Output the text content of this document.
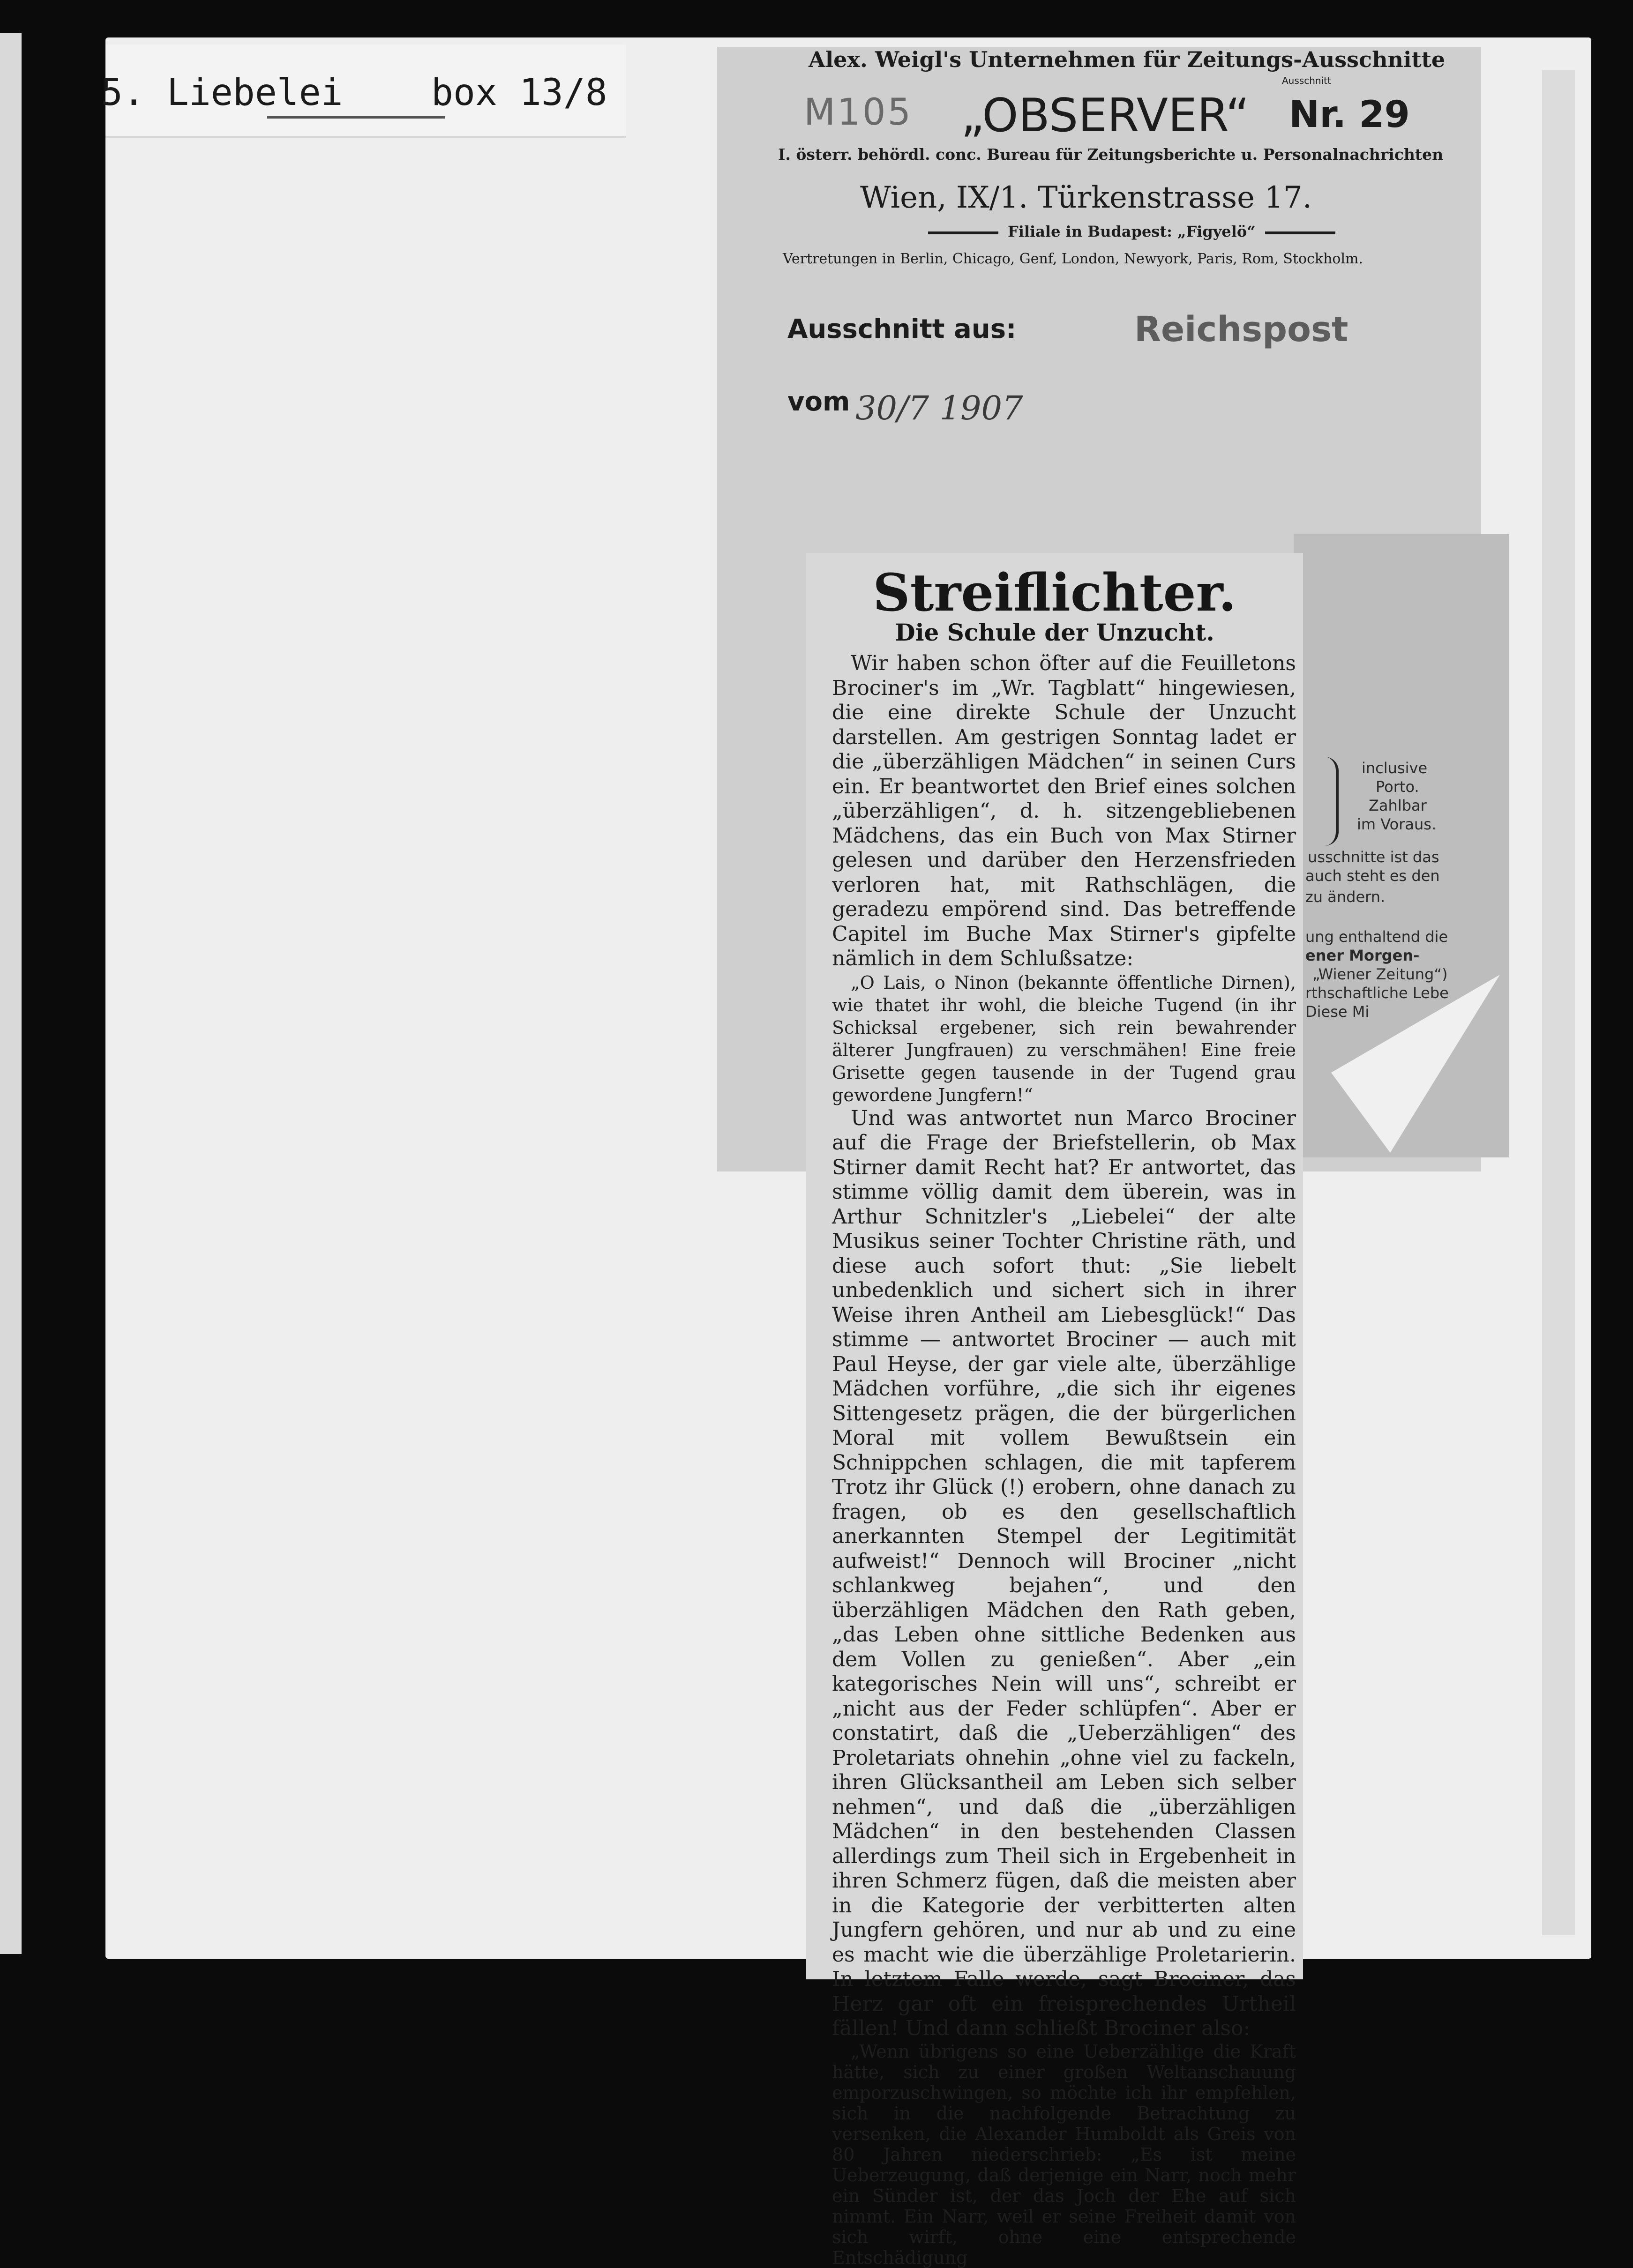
5. Liebelei box 13/8
Alex. Weigl's Unternehmen für Zeitungs-Ausschnitte
Ausschnitt
M105 „OBSERVER“ Nr. 29
I. österr. behördl. conc. Bureau für Zeitungsberichte u. Personalnachrichten
Wien, IX/1. Türkenstrasse 17.
Filiale in Budapest: „Figyelö“
Vertretungen in Berlin, Chicago, Genf, London, Newyork, Paris, Rom, Stockholm.
Ausschnitt aus:	Reichspost
vom 30/7 1907
inclusive
Porto.
Zahlbar
im Voraus.
usschnitte ist das
auch steht es den
zu ändern.
ung enthaltend die
ener Morgen-
„Wiener Zeitung“)
rthschaftliche Lebe
Diese Mi
Streiflichter.
Die Schule der Unzucht.

Wir haben schon öfter auf die Feuilletons Brociner's im „Wr. Tagblatt“ hingewiesen, die eine direkte Schule der Unzucht darstellen. Am gestrigen Sonntag ladet er die „überzähligen Mädchen“ in seinen Curs ein. Er beantwortet den Brief eines solchen „überzähligen“, d. h. sitzengebliebenen Mädchens, das ein Buch von Max Stirner gelesen und darüber den Herzensfrieden verloren hat, mit Rathschlägen, die geradezu empörend sind. Das betreffende Capitel im Buche Max Stirner's gipfelte nämlich in dem Schlußsatze:

„O Lais, o Ninon (bekannte öffentliche Dirnen), wie thatet ihr wohl, die bleiche Tugend (in ihr Schicksal ergebener, sich rein bewahrender älterer Jungfrauen) zu verschmähen! Eine freie Grisette gegen tausende in der Tugend grau gewordene Jungfern!“

Und was antwortet nun Marco Brociner auf die Frage der Briefstellerin, ob Max Stirner damit Recht hat? Er antwortet, das stimme völlig damit dem überein, was in Arthur Schnitzler's „Liebelei“ der alte Musikus seiner Tochter Christine räth, und diese auch sofort thut: „Sie liebelt unbedenklich und sichert sich in ihrer Weise ihren Antheil am Liebesglück!“ Das stimme — antwortet Brociner — auch mit Paul Heyse, der gar viele alte, überzählige Mädchen vorführe, „die sich ihr eigenes Sittengesetz prägen, die der bürgerlichen Moral mit vollem Bewußtsein ein Schnippchen schlagen, die mit tapferem Trotz ihr Glück (!) erobern, ohne danach zu fragen, ob es den gesellschaftlich anerkannten Stempel der Legitimität aufweist!“ Dennoch will Brociner „nicht schlankweg bejahen“, und den überzähligen Mädchen den Rath geben, „das Leben ohne sittliche Bedenken aus dem Vollen zu genießen“. Aber „ein kategorisches Nein will uns“, schreibt er „nicht aus der Feder schlüpfen“. Aber er constatirt, daß die „Ueberzähligen“ des Proletariats ohnehin „ohne viel zu fackeln, ihren Glücksantheil am Leben sich selber nehmen“, und daß die „überzähligen Mädchen“ in den bestehenden Classen allerdings zum Theil sich in Ergebenheit in ihren Schmerz fügen, daß die meisten aber in die Kategorie der verbitterten alten Jungfern gehören, und nur ab und zu eine es macht wie die überzählige Proletarierin. In letztem Falle werde, sagt Brociner, das Herz gar oft ein freisprechendes Urtheil fällen! Und dann schließt Brociner also:

„Wenn übrigens so eine Ueberzählige die Kraft hätte, sich zu einer großen Weltanschauung emporzuschwingen, so möchte ich ihr empfehlen, sich in die nachfolgende Betrachtung zu versenken, die Alexander Humboldt als Greis von 80 Jahren niederschrieb: „Es ist meine Ueberzeugung, daß derjenige ein Narr, noch mehr ein Sünder ist, der das Joch der Ehe auf sich nimmt. Ein Narr, weil er seine Freiheit damit von sich wirft, ohne eine entsprechende Entschädigung
